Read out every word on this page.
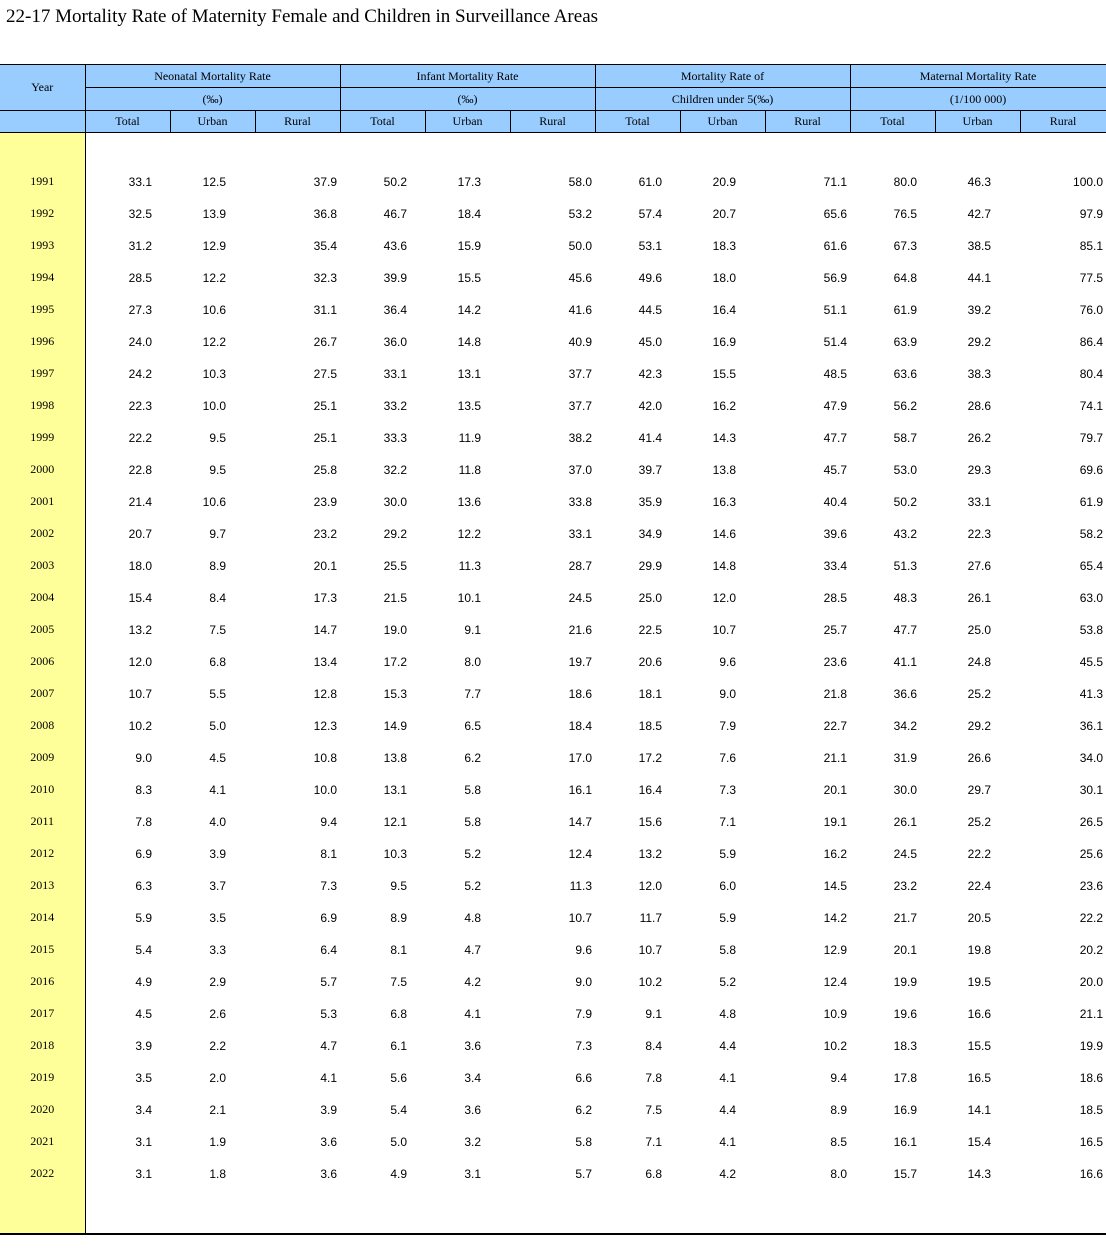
22-17 Mortality Rate of Maternity Female and Children in Surveillance Areas
Year	Neonatal Mortality Rate			Infant Mortality Rate			Mortality Rate of			Maternal Mortality Rate		
	(‰)			(‰)			Children under 5(‰)			(1/100 000)		
	Total	Urban	Rural	Total	Urban	Rural	Total	Urban	Rural	Total	Urban	Rural

1991	33.1	12.5	37.9	50.2	17.3	58.0	61.0	20.9	71.1	80.0	46.3	100.0
1992	32.5	13.9	36.8	46.7	18.4	53.2	57.4	20.7	65.6	76.5	42.7	97.9
1993	31.2	12.9	35.4	43.6	15.9	50.0	53.1	18.3	61.6	67.3	38.5	85.1
1994	28.5	12.2	32.3	39.9	15.5	45.6	49.6	18.0	56.9	64.8	44.1	77.5
1995	27.3	10.6	31.1	36.4	14.2	41.6	44.5	16.4	51.1	61.9	39.2	76.0
1996	24.0	12.2	26.7	36.0	14.8	40.9	45.0	16.9	51.4	63.9	29.2	86.4
1997	24.2	10.3	27.5	33.1	13.1	37.7	42.3	15.5	48.5	63.6	38.3	80.4
1998	22.3	10.0	25.1	33.2	13.5	37.7	42.0	16.2	47.9	56.2	28.6	74.1
1999	22.2	9.5	25.1	33.3	11.9	38.2	41.4	14.3	47.7	58.7	26.2	79.7
2000	22.8	9.5	25.8	32.2	11.8	37.0	39.7	13.8	45.7	53.0	29.3	69.6
2001	21.4	10.6	23.9	30.0	13.6	33.8	35.9	16.3	40.4	50.2	33.1	61.9
2002	20.7	9.7	23.2	29.2	12.2	33.1	34.9	14.6	39.6	43.2	22.3	58.2
2003	18.0	8.9	20.1	25.5	11.3	28.7	29.9	14.8	33.4	51.3	27.6	65.4
2004	15.4	8.4	17.3	21.5	10.1	24.5	25.0	12.0	28.5	48.3	26.1	63.0
2005	13.2	7.5	14.7	19.0	9.1	21.6	22.5	10.7	25.7	47.7	25.0	53.8
2006	12.0	6.8	13.4	17.2	8.0	19.7	20.6	9.6	23.6	41.1	24.8	45.5
2007	10.7	5.5	12.8	15.3	7.7	18.6	18.1	9.0	21.8	36.6	25.2	41.3
2008	10.2	5.0	12.3	14.9	6.5	18.4	18.5	7.9	22.7	34.2	29.2	36.1
2009	9.0	4.5	10.8	13.8	6.2	17.0	17.2	7.6	21.1	31.9	26.6	34.0
2010	8.3	4.1	10.0	13.1	5.8	16.1	16.4	7.3	20.1	30.0	29.7	30.1
2011	7.8	4.0	9.4	12.1	5.8	14.7	15.6	7.1	19.1	26.1	25.2	26.5
2012	6.9	3.9	8.1	10.3	5.2	12.4	13.2	5.9	16.2	24.5	22.2	25.6
2013	6.3	3.7	7.3	9.5	5.2	11.3	12.0	6.0	14.5	23.2	22.4	23.6
2014	5.9	3.5	6.9	8.9	4.8	10.7	11.7	5.9	14.2	21.7	20.5	22.2
2015	5.4	3.3	6.4	8.1	4.7	9.6	10.7	5.8	12.9	20.1	19.8	20.2
2016	4.9	2.9	5.7	7.5	4.2	9.0	10.2	5.2	12.4	19.9	19.5	20.0
2017	4.5	2.6	5.3	6.8	4.1	7.9	9.1	4.8	10.9	19.6	16.6	21.1
2018	3.9	2.2	4.7	6.1	3.6	7.3	8.4	4.4	10.2	18.3	15.5	19.9
2019	3.5	2.0	4.1	5.6	3.4	6.6	7.8	4.1	9.4	17.8	16.5	18.6
2020	3.4	2.1	3.9	5.4	3.6	6.2	7.5	4.4	8.9	16.9	14.1	18.5
2021	3.1	1.9	3.6	5.0	3.2	5.8	7.1	4.1	8.5	16.1	15.4	16.5
2022	3.1	1.8	3.6	4.9	3.1	5.7	6.8	4.2	8.0	15.7	14.3	16.6
